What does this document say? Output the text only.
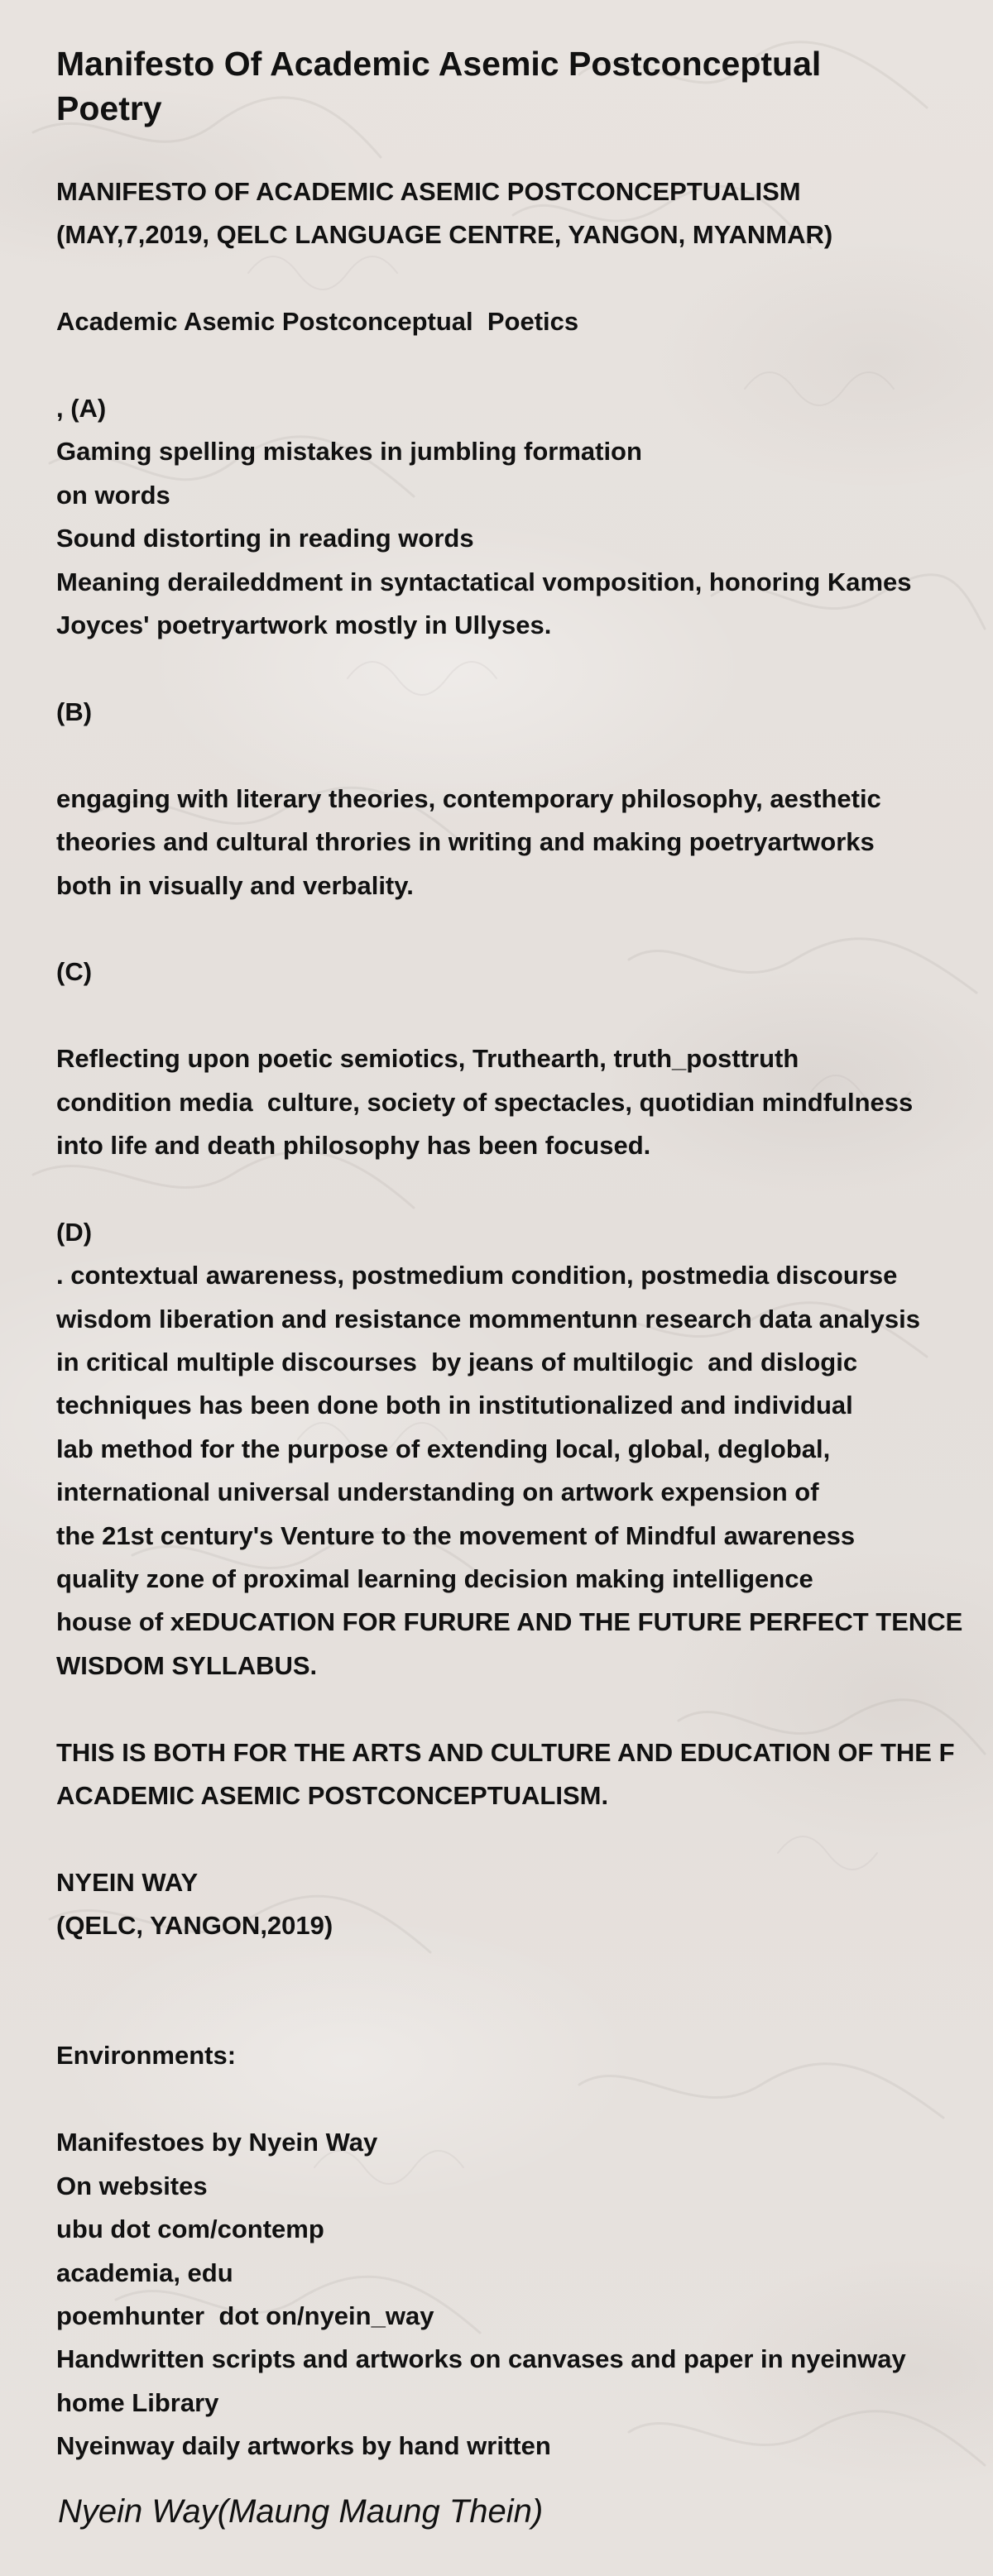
Manifesto Of Academic Asemic Postconceptual Poetry
MANIFESTO OF ACADEMIC ASEMIC POSTCONCEPTUALISM
(MAY,7,2019, QELC LANGUAGE CENTRE, YANGON, MYANMAR)

Academic Asemic Postconceptual  Poetics

, (A)
Gaming spelling mistakes in jumbling formation
on words
Sound distorting in reading words
Meaning deraileddment in syntactatical vomposition, honoring Kames
Joyces' poetryartwork mostly in Ullyses.

(B)

engaging with literary theories, contemporary philosophy, aesthetic
theories and cultural throries in writing and making poetryartworks
both in visually and verbality.

(C)

Reflecting upon poetic semiotics, Truthearth, truth_posttruth
condition media  culture, society of spectacles, quotidian mindfulness
into life and death philosophy has been focused.

(D)
. contextual awareness, postmedium condition, postmedia discourse
wisdom liberation and resistance mommentunn research data analysis
in critical multiple discourses  by jeans of multilogic  and dislogic
techniques has been done both in institutionalized and individual
lab method for the purpose of extending local, global, deglobal,
international universal understanding on artwork expension of
the 21st century's Venture to the movement of Mindful awareness
quality zone of proximal learning decision making intelligence
house of xEDUCATION FOR FURURE AND THE FUTURE PERFECT TENCE
WISDOM SYLLABUS.

THIS IS BOTH FOR THE ARTS AND CULTURE AND EDUCATION OF THE F
ACADEMIC ASEMIC POSTCONCEPTUALISM.

NYEIN WAY
(QELC, YANGON,2019)

Environments:

Manifestoes by Nyein Way
On websites
ubu dot com/contemp
academia, edu
poemhunter  dot on/nyein_way
Handwritten scripts and artworks on canvases and paper in nyeinway
home Library
Nyeinway daily artworks by hand written
Nyein Way(Maung Maung Thein)
